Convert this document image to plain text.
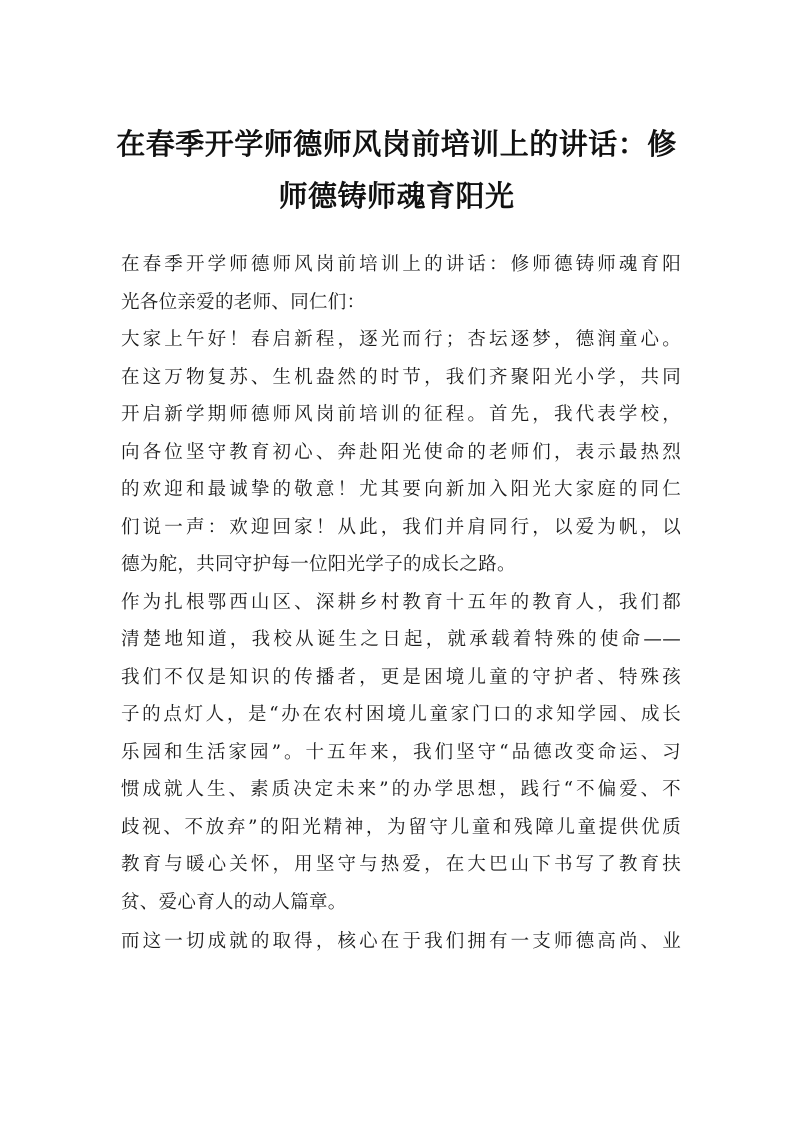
在春季开学师德师风岗前培训上的讲话：修
师德铸师魂育阳光
在春季开学师德师风岗前培训上的讲话：修师德铸师魂育阳
光各位亲爱的老师、同仁们：
大家上午好！春启新程，逐光而行；杏坛逐梦，德润童心。
在这万物复苏、生机盎然的时节，我们齐聚阳光小学，共同
开启新学期师德师风岗前培训的征程。首先，我代表学校，
向各位坚守教育初心、奔赴阳光使命的老师们，表示最热烈
的欢迎和最诚挚的敬意！尤其要向新加入阳光大家庭的同仁
们说一声：欢迎回家！从此，我们并肩同行，以爱为帆，以
德为舵，共同守护每一位阳光学子的成长之路。
作为扎根鄂西山区、深耕乡村教育十五年的教育人，我们都
清楚地知道，我校从诞生之日起，就承载着特殊的使命——
我们不仅是知识的传播者，更是困境儿童的守护者、特殊孩
子的点灯人，是“办在农村困境儿童家门口的求知学园、成长
乐园和生活家园”。十五年来，我们坚守“品德改变命运、习
惯成就人生、素质决定未来”的办学思想，践行“不偏爱、不
歧视、不放弃”的阳光精神，为留守儿童和残障儿童提供优质
教育与暖心关怀，用坚守与热爱，在大巴山下书写了教育扶
贫、爱心育人的动人篇章。
而这一切成就的取得，核心在于我们拥有一支师德高尚、业
